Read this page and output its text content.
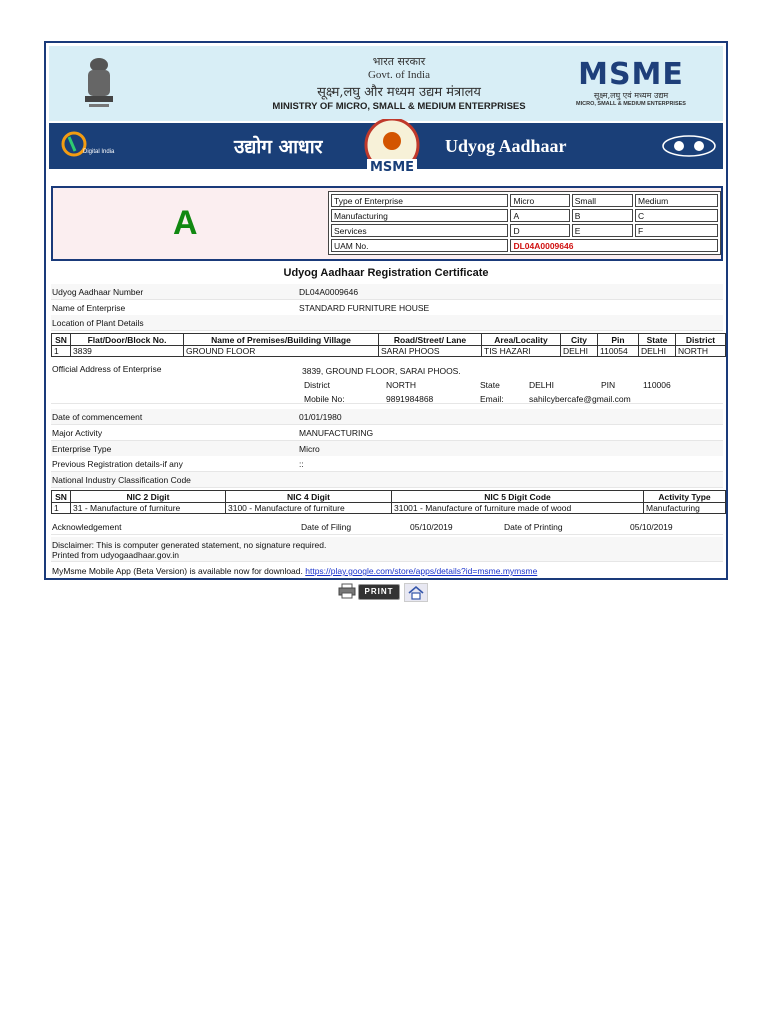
भारत सरकार
Govt. of India
सूक्ष्म,लघु और मध्यम उद्यम मंत्रालय
MINISTRY OF MICRO, SMALL & MEDIUM ENTERPRISES
MSME
सूक्ष्म,लघु एवं मध्यम उद्यम
MICRO, SMALL & MEDIUM ENTERPRISES
Digital India	उद्योग आधार
MSME
Udyog Aadhaar
A
Type of Enterprise	Micro	Small	Medium
Manufacturing	A	B	C
Services	D	E	F
UAM No.	DL04A0009646		
Udyog Aadhaar Registration Certificate
Udyog Aadhaar Number	DL04A0009646
Name of Enterprise	STANDARD FURNITURE HOUSE
Location of Plant Details
SN	Flat/Door/Block No.	Name of Premises/Building Village	Road/Street/ Lane	Area/Locality	City	Pin	State	District
1	3839	GROUND FLOOR	SARAI PHOOS	TIS HAZARI	DELHI	110054	DELHI	NORTH
Official Address of Enterprise	3839, GROUND FLOOR, SARAI PHOOS.
District	NORTH	State	DELHI	PIN	110006
Mobile No:	9891984868	Email:	sahilcybercafe@gmail.com
Date of commencement	01/01/1980
Major Activity	MANUFACTURING
Enterprise Type	Micro
Previous Registration details-if any	::
National Industry Classification Code
SN	NIC 2 Digit	NIC 4 Digit	NIC 5 Digit Code	Activity Type
1	31 - Manufacture of furniture	3100 - Manufacture of furniture	31001 - Manufacture of furniture made of wood	Manufacturing
Acknowledgement	Date of Filing	05/10/2019	Date of Printing	05/10/2019
Disclaimer: This is computer generated statement, no signature required.
Printed from udyogaadhaar.gov.in
MyMsme Mobile App (Beta Version) is available now for download. https://play.google.com/store/apps/details?id=msme.mymsme
PRINT
